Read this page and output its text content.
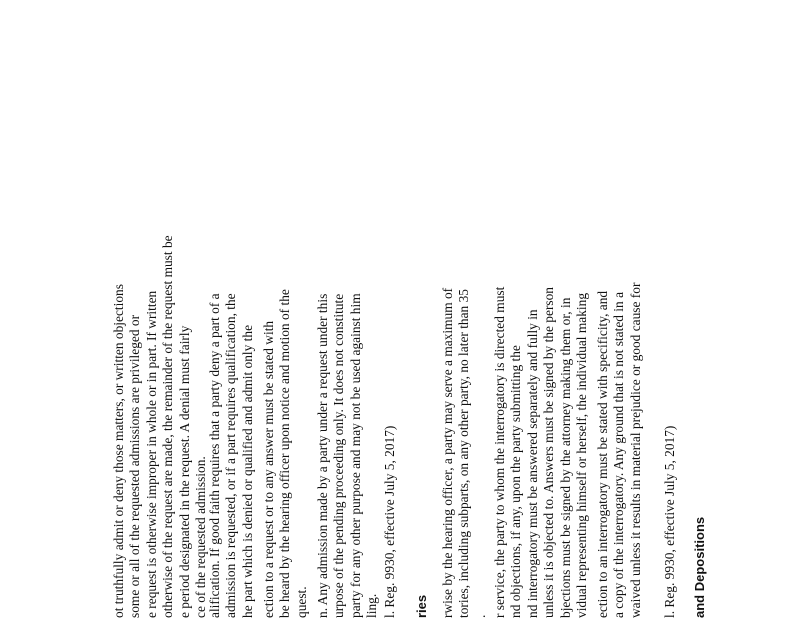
ot truthfully admit or deny those matters, or written objections some or all of the requested admissions are privileged or e request is otherwise improper in whole or in part. If written otherwise of the request are made, the remainder of the request must be e period designated in the request. A denial must fairly ce of the requested admission. alification. If good faith requires that a party deny a part of a admission is requested, or if a part requires qualification, the he part which is denied or qualified and admit only the ection to a request or to any answer must be stated with be heard by the hearing officer upon notice and motion of the quest. n. Any admission made by a party under a request under this urpose of the pending proceeding only. It does not constitute party for any other purpose and may not be used against him ling. l. Reg. 9930, effective July 5, 2017) ries rwise by the hearing officer, a party may serve a maximum of tories, including subparts, on any other party, no later than 35 . r service, the party to whom the interrogatory is directed must nd objections, if any, upon the party submitting the nd interrogatory must be answered separately and fully in unless it is objected to. Answers must be signed by the person bjections must be signed by the attorney making them or, in vidual representing himself or herself, the individual making ection to an interrogatory must be stated with specificity, and a copy of the interrogatory. Any ground that is not stated in a waived unless it results in material prejudice or good cause for l. Reg. 9930, effective July 5, 2017) and Depositions
